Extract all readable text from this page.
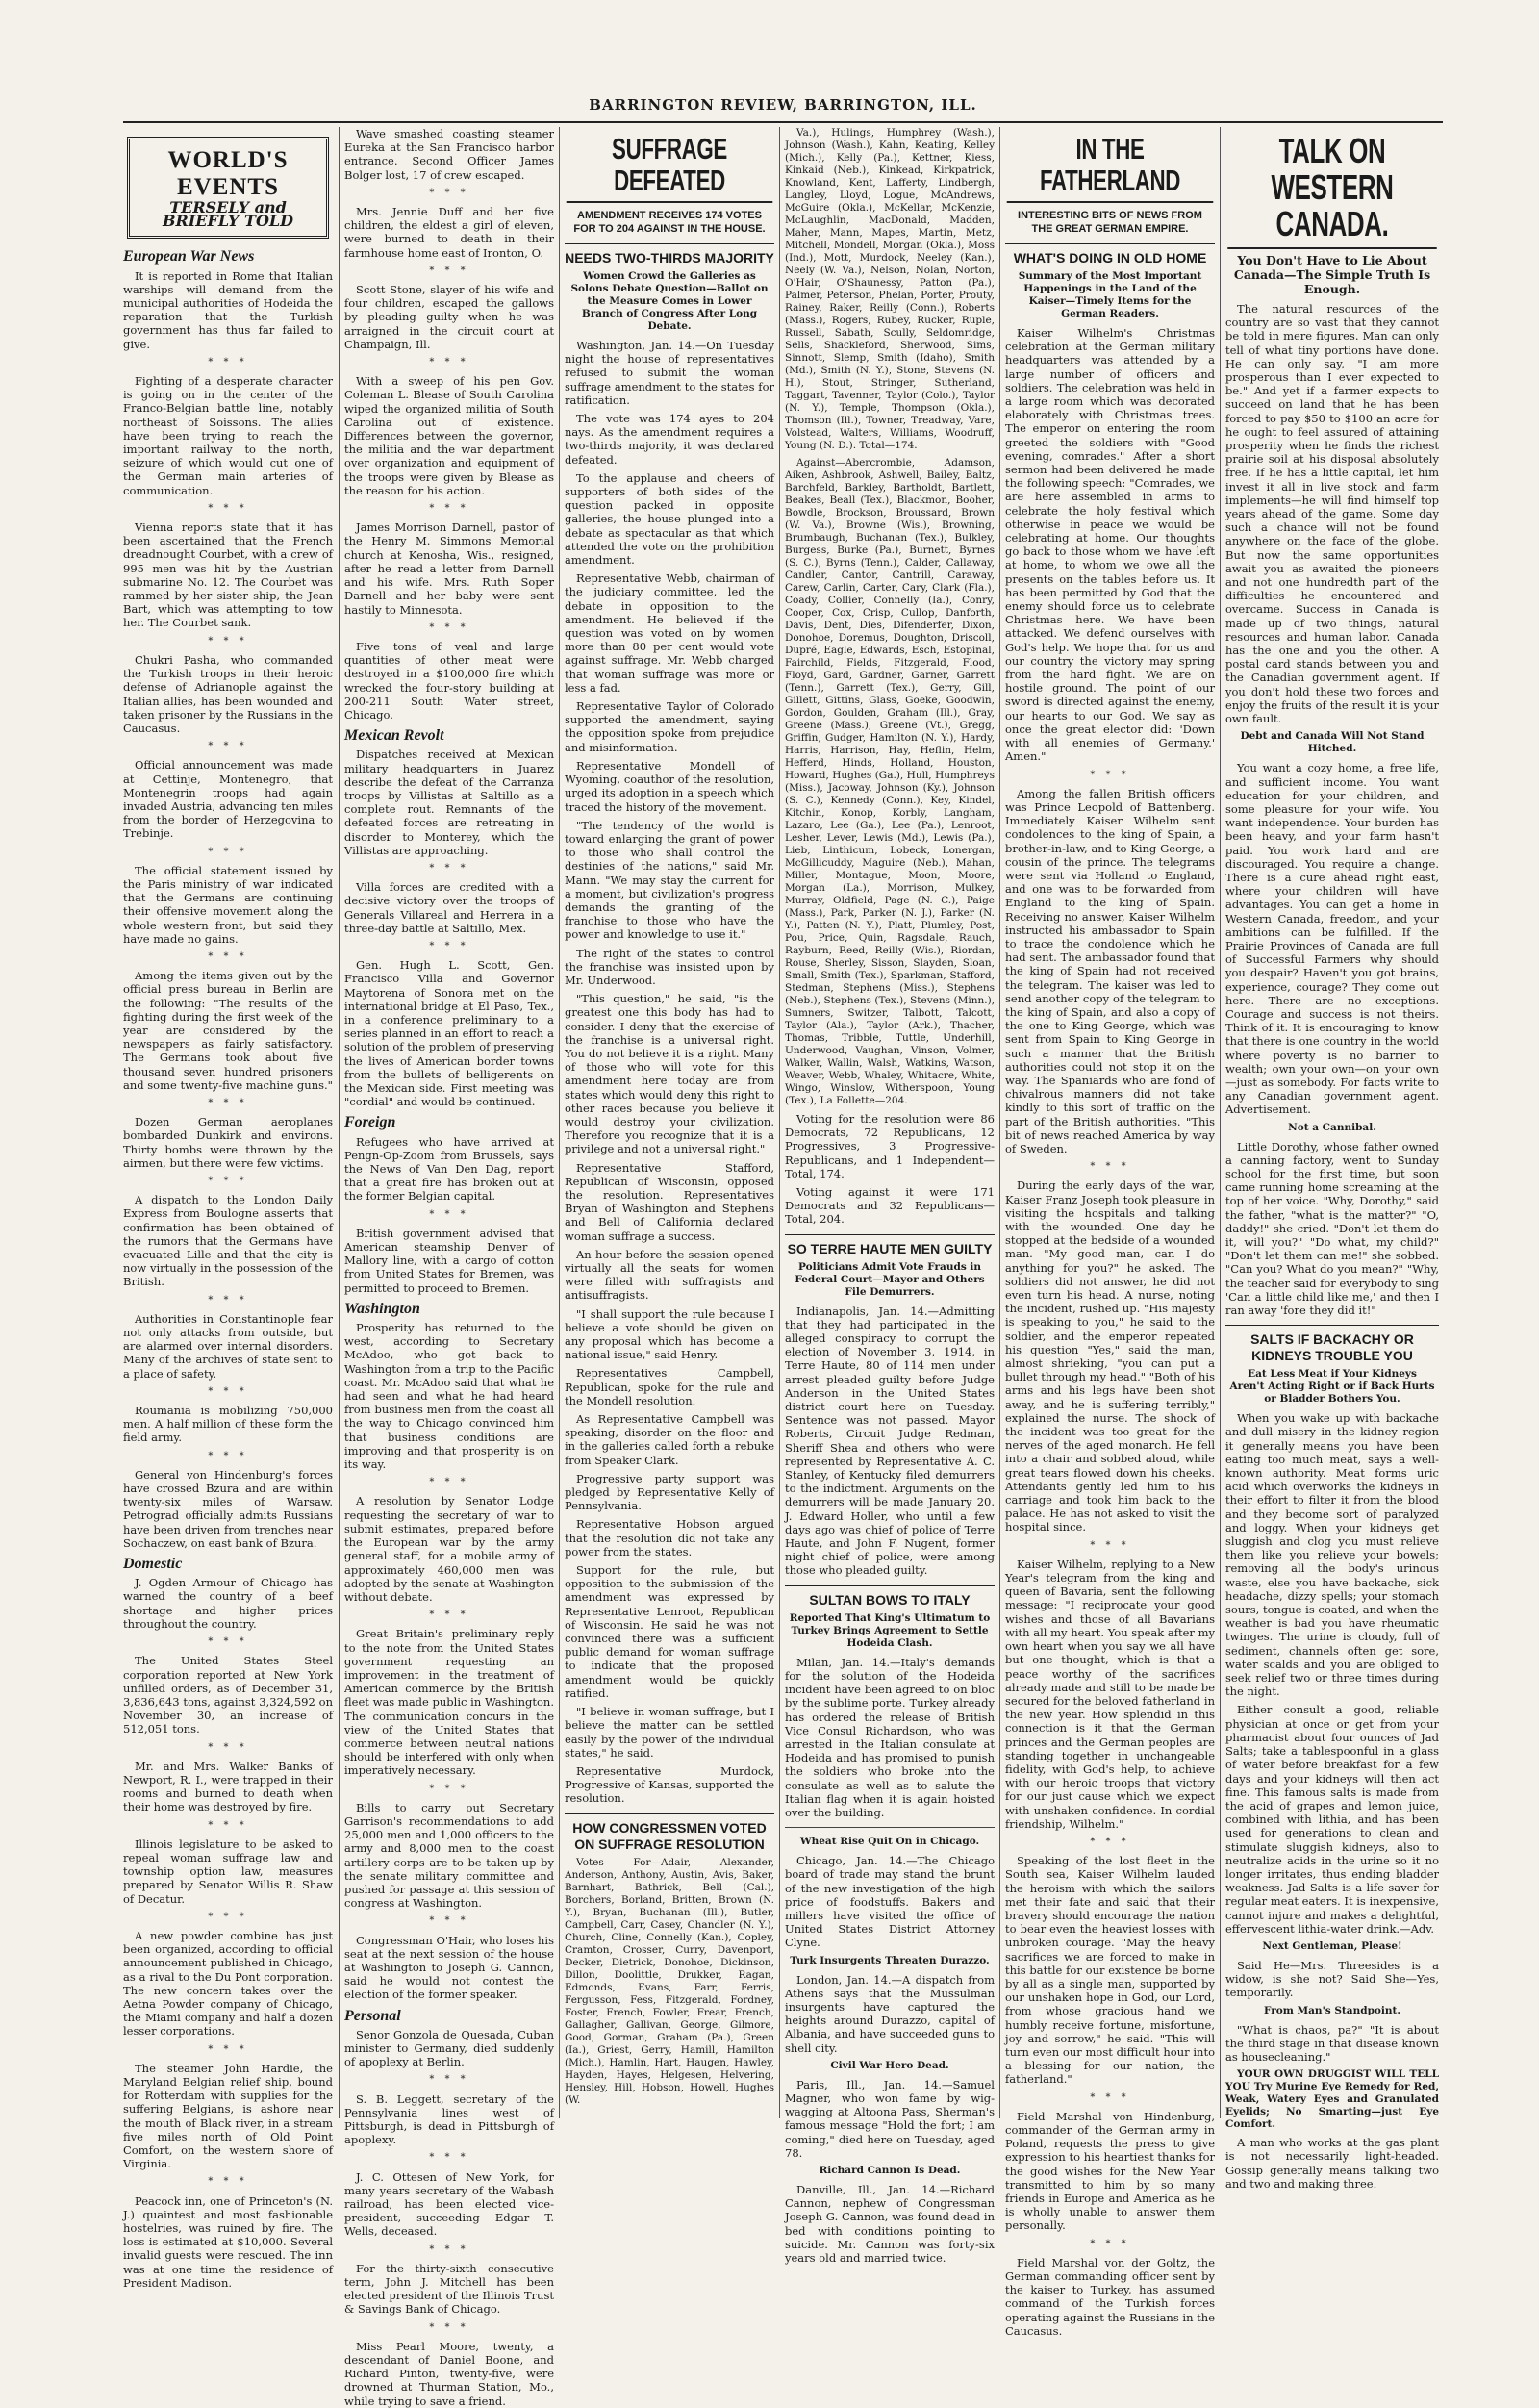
BARRINGTON REVIEW, BARRINGTON, ILL.
WORLD'S
EVENTS
TERSELY and
BRIEFLY TOLD
European War News

It is reported in Rome that Italian warships will demand from the municipal authorities of Hodeida the reparation that the Turkish government has thus far failed to give.

* * *

Fighting of a desperate character is going on in the center of the Franco-Belgian battle line, notably northeast of Soissons. The allies have been trying to reach the important railway to the north, seizure of which would cut one of the German main arteries of communication.

* * *

Vienna reports state that it has been ascertained that the French dreadnought Courbet, with a crew of 995 men was hit by the Austrian submarine No. 12. The Courbet was rammed by her sister ship, the Jean Bart, which was attempting to tow her. The Courbet sank.

* * *

Chukri Pasha, who commanded the Turkish troops in their heroic defense of Adrianople against the Italian allies, has been wounded and taken prisoner by the Russians in the Caucasus.

* * *

Official announcement was made at Cettinje, Montenegro, that Montenegrin troops had again invaded Austria, advancing ten miles from the border of Herzegovina to Trebinje.

* * *

The official statement issued by the Paris ministry of war indicated that the Germans are continuing their offensive movement along the whole western front, but said they have made no gains.

* * *

Among the items given out by the official press bureau in Berlin are the following: "The results of the fighting during the first week of the year are considered by the newspapers as fairly satisfactory. The Germans took about five thousand seven hundred prisoners and some twenty-five machine guns."

* * *

Dozen German aeroplanes bombarded Dunkirk and environs. Thirty bombs were thrown by the airmen, but there were few victims.

* * *

A dispatch to the London Daily Express from Boulogne asserts that confirmation has been obtained of the rumors that the Germans have evacuated Lille and that the city is now virtually in the possession of the British.

* * *

Authorities in Constantinople fear not only attacks from outside, but are alarmed over internal disorders. Many of the archives of state sent to a place of safety.

* * *

Roumania is mobilizing 750,000 men. A half million of these form the field army.

* * *

General von Hindenburg's forces have crossed Bzura and are within twenty-six miles of Warsaw. Petrograd officially admits Russians have been driven from trenches near Sochaczew, on east bank of Bzura.

Domestic

J. Ogden Armour of Chicago has warned the country of a beef shortage and higher prices throughout the country.

* * *

The United States Steel corporation reported at New York unfilled orders, as of December 31, 3,836,643 tons, against 3,324,592 on November 30, an increase of 512,051 tons.

* * *

Mr. and Mrs. Walker Banks of Newport, R. I., were trapped in their rooms and burned to death when their home was destroyed by fire.

* * *

Illinois legislature to be asked to repeal woman suffrage law and township option law, measures prepared by Senator Willis R. Shaw of Decatur.

* * *

A new powder combine has just been organized, according to official announcement published in Chicago, as a rival to the Du Pont corporation. The new concern takes over the Aetna Powder company of Chicago, the Miami company and half a dozen lesser corporations.

* * *

The steamer John Hardie, the Maryland Belgian relief ship, bound for Rotterdam with supplies for the suffering Belgians, is ashore near the mouth of Black river, in a stream five miles north of Old Point Comfort, on the western shore of Virginia.

* * *

Peacock inn, one of Princeton's (N. J.) quaintest and most fashionable hostelries, was ruined by fire. The loss is estimated at $10,000. Several invalid guests were rescued. The inn was at one time the residence of President Madison.

Wave smashed coasting steamer Eureka at the San Francisco harbor entrance. Second Officer James Bolger lost, 17 of crew escaped.

* * *

Mrs. Jennie Duff and her five children, the eldest a girl of eleven, were burned to death in their farmhouse home east of Ironton, O.

* * *

Scott Stone, slayer of his wife and four children, escaped the gallows by pleading guilty when he was arraigned in the circuit court at Champaign, Ill.

* * *

With a sweep of his pen Gov. Coleman L. Blease of South Carolina wiped the organized militia of South Carolina out of existence. Differences between the governor, the militia and the war department over organization and equipment of the troops were given by Blease as the reason for his action.

* * *

James Morrison Darnell, pastor of the Henry M. Simmons Memorial church at Kenosha, Wis., resigned, after he read a letter from Darnell and his wife. Mrs. Ruth Soper Darnell and her baby were sent hastily to Minnesota.

* * *

Five tons of veal and large quantities of other meat were destroyed in a $100,000 fire which wrecked the four-story building at 200-211 South Water street, Chicago.

Mexican Revolt

Dispatches received at Mexican military headquarters in Juarez describe the defeat of the Carranza troops by Villistas at Saltillo as a complete rout. Remnants of the defeated forces are retreating in disorder to Monterey, which the Villistas are approaching.

* * *

Villa forces are credited with a decisive victory over the troops of Generals Villareal and Herrera in a three-day battle at Saltillo, Mex.

* * *

Gen. Hugh L. Scott, Gen. Francisco Villa and Governor Maytorena of Sonora met on the international bridge at El Paso, Tex., in a conference preliminary to a series planned in an effort to reach a solution of the problem of preserving the lives of American border towns from the bullets of belligerents on the Mexican side. First meeting was "cordial" and would be continued.

Foreign

Refugees who have arrived at Pengn-Op-Zoom from Brussels, says the News of Van Den Dag, report that a great fire has broken out at the former Belgian capital.

* * *

British government advised that American steamship Denver of Mallory line, with a cargo of cotton from United States for Bremen, was permitted to proceed to Bremen.

Washington

Prosperity has returned to the west, according to Secretary McAdoo, who got back to Washington from a trip to the Pacific coast. Mr. McAdoo said that what he had seen and what he had heard from business men from the coast all the way to Chicago convinced him that business conditions are improving and that prosperity is on its way.

* * *

A resolution by Senator Lodge requesting the secretary of war to submit estimates, prepared before the European war by the army general staff, for a mobile army of approximately 460,000 men was adopted by the senate at Washington without debate.

* * *

Great Britain's preliminary reply to the note from the United States government requesting an improvement in the treatment of American commerce by the British fleet was made public in Washington. The communication concurs in the view of the United States that commerce between neutral nations should be interfered with only when imperatively necessary.

* * *

Bills to carry out Secretary Garrison's recommendations to add 25,000 men and 1,000 officers to the army and 8,000 men to the coast artillery corps are to be taken up by the senate military committee and pushed for passage at this session of congress at Washington.

* * *

Congressman O'Hair, who loses his seat at the next session of the house at Washington to Joseph G. Cannon, said he would not contest the election of the former speaker.

Personal

Senor Gonzola de Quesada, Cuban minister to Germany, died suddenly of apoplexy at Berlin.

* * *

S. B. Leggett, secretary of the Pennsylvania lines west of Pittsburgh, is dead in Pittsburgh of apoplexy.

* * *

J. C. Ottesen of New York, for many years secretary of the Wabash railroad, has been elected vice-president, succeeding Edgar T. Wells, deceased.

* * *

For the thirty-sixth consecutive term, John J. Mitchell has been elected president of the Illinois Trust & Savings Bank of Chicago.

* * *

Miss Pearl Moore, twenty, a descendant of Daniel Boone, and Richard Pinton, twenty-five, were drowned at Thurman Station, Mo., while trying to save a friend.

SUFFRAGE DEFEATED
AMENDMENT RECEIVES 174 VOTES FOR TO 204 AGAINST IN THE HOUSE.
NEEDS TWO-THIRDS MAJORITY
Women Crowd the Galleries as Solons Debate Question—Ballot on the Measure Comes in Lower Branch of Congress After Long Debate.

Washington, Jan. 14.—On Tuesday night the house of representatives refused to submit the woman suffrage amendment to the states for ratification.

The vote was 174 ayes to 204 nays. As the amendment requires a two-thirds majority, it was declared defeated.

To the applause and cheers of supporters of both sides of the question packed in opposite galleries, the house plunged into a debate as spectacular as that which attended the vote on the prohibition amendment.

Representative Webb, chairman of the judiciary committee, led the debate in opposition to the amendment. He believed if the question was voted on by women more than 80 per cent would vote against suffrage. Mr. Webb charged that woman suffrage was more or less a fad.

Representative Taylor of Colorado supported the amendment, saying the opposition spoke from prejudice and misinformation.

Representative Mondell of Wyoming, coauthor of the resolution, urged its adoption in a speech which traced the history of the movement.

"The tendency of the world is toward enlarging the grant of power to those who shall control the destinies of the nations," said Mr. Mann. "We may stay the current for a moment, but civilization's progress demands the granting of the franchise to those who have the power and knowledge to use it."

The right of the states to control the franchise was insisted upon by Mr. Underwood.

"This question," he said, "is the greatest one this body has had to consider. I deny that the exercise of the franchise is a universal right. You do not believe it is a right. Many of those who will vote for this amendment here today are from states which would deny this right to other races because you believe it would destroy your civilization. Therefore you recognize that it is a privilege and not a universal right."

Representative Stafford, Republican of Wisconsin, opposed the resolution. Representatives Bryan of Washington and Stephens and Bell of California declared woman suffrage a success.

An hour before the session opened virtually all the seats for women were filled with suffragists and antisuffragists.

"I shall support the rule because I believe a vote should be given on any proposal which has become a national issue," said Henry.

Representatives Campbell, Republican, spoke for the rule and the Mondell resolution.

As Representative Campbell was speaking, disorder on the floor and in the galleries called forth a rebuke from Speaker Clark.

Progressive party support was pledged by Representative Kelly of Pennsylvania.

Representative Hobson argued that the resolution did not take any power from the states.

Support for the rule, but opposition to the submission of the amendment was expressed by Representative Lenroot, Republican of Wisconsin. He said he was not convinced there was a sufficient public demand for woman suffrage to indicate that the proposed amendment would be quickly ratified.

"I believe in woman suffrage, but I believe the matter can be settled easily by the power of the individual states," he said.

Representative Murdock, Progressive of Kansas, supported the resolution.

HOW CONGRESSMEN VOTED ON SUFFRAGE RESOLUTION

Votes For—Adair, Alexander, Anderson, Anthony, Austin, Avis, Baker, Barnhart, Bathrick, Bell (Cal.), Borchers, Borland, Britten, Brown (N. Y.), Bryan, Buchanan (Ill.), Butler, Campbell, Carr, Casey, Chandler (N. Y.), Church, Cline, Connelly (Kan.), Copley, Cramton, Crosser, Curry, Davenport, Decker, Dietrick, Donohoe, Dickinson, Dillon, Doolittle, Drukker, Ragan, Edmonds, Evans, Farr, Ferris, Fergusson, Fess, Fitzgerald, Fordney, Foster, French, Fowler, Frear, French, Gallagher, Gallivan, George, Gilmore, Good, Gorman, Graham (Pa.), Green (Ia.), Griest, Gerry, Hamill, Hamilton (Mich.), Hamlin, Hart, Haugen, Hawley, Hayden, Hayes, Helgesen, Helvering, Hensley, Hill, Hobson, Howell, Hughes (W.

Va.), Hulings, Humphrey (Wash.), Johnson (Wash.), Kahn, Keating, Kelley (Mich.), Kelly (Pa.), Kettner, Kiess, Kinkaid (Neb.), Kinkead, Kirkpatrick, Knowland, Kent, Lafferty, Lindbergh, Langley, Lloyd, Logue, McAndrews, McGuire (Okla.), McKellar, McKenzie, McLaughlin, MacDonald, Madden, Maher, Mann, Mapes, Martin, Metz, Mitchell, Mondell, Morgan (Okla.), Moss (Ind.), Mott, Murdock, Neeley (Kan.), Neely (W. Va.), Nelson, Nolan, Norton, O'Hair, O'Shaunessy, Patton (Pa.), Palmer, Peterson, Phelan, Porter, Prouty, Rainey, Raker, Reilly (Conn.), Roberts (Mass.), Rogers, Rubey, Rucker, Ruple, Russell, Sabath, Scully, Seldomridge, Sells, Shackleford, Sherwood, Sims, Sinnott, Slemp, Smith (Idaho), Smith (Md.), Smith (N. Y.), Stone, Stevens (N. H.), Stout, Stringer, Sutherland, Taggart, Tavenner, Taylor (Colo.), Taylor (N. Y.), Temple, Thompson (Okla.), Thomson (Ill.), Towner, Treadway, Vare, Volstead, Walters, Williams, Woodruff, Young (N. D.). Total—174.

Against—Abercrombie, Adamson, Aiken, Ashbrook, Ashwell, Bailey, Baltz, Barchfeld, Barkley, Bartholdt, Bartlett, Beakes, Beall (Tex.), Blackmon, Booher, Bowdle, Brockson, Broussard, Brown (W. Va.), Browne (Wis.), Browning, Brumbaugh, Buchanan (Tex.), Bulkley, Burgess, Burke (Pa.), Burnett, Byrnes (S. C.), Byrns (Tenn.), Calder, Callaway, Candler, Cantor, Cantrill, Caraway, Carew, Carlin, Carter, Cary, Clark (Fla.), Coady, Collier, Connelly (Ia.), Conry, Cooper, Cox, Crisp, Cullop, Danforth, Davis, Dent, Dies, Difenderfer, Dixon, Donohoe, Doremus, Doughton, Driscoll, Dupré, Eagle, Edwards, Esch, Estopinal, Fairchild, Fields, Fitzgerald, Flood, Floyd, Gard, Gardner, Garner, Garrett (Tenn.), Garrett (Tex.), Gerry, Gill, Gillett, Gittins, Glass, Goeke, Goodwin, Gordon, Goulden, Graham (Ill.), Gray, Greene (Mass.), Greene (Vt.), Gregg, Griffin, Gudger, Hamilton (N. Y.), Hardy, Harris, Harrison, Hay, Heflin, Helm, Hefferd, Hinds, Holland, Houston, Howard, Hughes (Ga.), Hull, Humphreys (Miss.), Jacoway, Johnson (Ky.), Johnson (S. C.), Kennedy (Conn.), Key, Kindel, Kitchin, Konop, Korbly, Langham, Lazaro, Lee (Ga.), Lee (Pa.), Lenroot, Lesher, Lever, Lewis (Md.), Lewis (Pa.), Lieb, Linthicum, Lobeck, Lonergan, McGillicuddy, Maguire (Neb.), Mahan, Miller, Montague, Moon, Moore, Morgan (La.), Morrison, Mulkey, Murray, Oldfield, Page (N. C.), Paige (Mass.), Park, Parker (N. J.), Parker (N. Y.), Patten (N. Y.), Platt, Plumley, Post, Pou, Price, Quin, Ragsdale, Rauch, Rayburn, Reed, Reilly (Wis.), Riordan, Rouse, Sherley, Sisson, Slayden, Sloan, Small, Smith (Tex.), Sparkman, Stafford, Stedman, Stephens (Miss.), Stephens (Neb.), Stephens (Tex.), Stevens (Minn.), Sumners, Switzer, Talbott, Talcott, Taylor (Ala.), Taylor (Ark.), Thacher, Thomas, Tribble, Tuttle, Underhill, Underwood, Vaughan, Vinson, Volmer, Walker, Wallin, Walsh, Watkins, Watson, Weaver, Webb, Whaley, Whitacre, White, Wingo, Winslow, Witherspoon, Young (Tex.), La Follette—204.

Voting for the resolution were 86 Democrats, 72 Republicans, 12 Progressives, 3 Progressive-Republicans, and 1 Independent—Total, 174.

Voting against it were 171 Democrats and 32 Republicans—Total, 204.

SO TERRE HAUTE MEN GUILTY
Politicians Admit Vote Frauds in Federal Court—Mayor and Others File Demurrers.

Indianapolis, Jan. 14.—Admitting that they had participated in the alleged conspiracy to corrupt the election of November 3, 1914, in Terre Haute, 80 of 114 men under arrest pleaded guilty before Judge Anderson in the United States district court here on Tuesday. Sentence was not passed. Mayor Roberts, Circuit Judge Redman, Sheriff Shea and others who were represented by Representative A. C. Stanley, of Kentucky filed demurrers to the indictment. Arguments on the demurrers will be made January 20. J. Edward Holler, who until a few days ago was chief of police of Terre Haute, and John F. Nugent, former night chief of police, were among those who pleaded guilty.

SULTAN BOWS TO ITALY
Reported That King's Ultimatum to Turkey Brings Agreement to Settle Hodeida Clash.

Milan, Jan. 14.—Italy's demands for the solution of the Hodeida incident have been agreed to on bloc by the sublime porte. Turkey already has ordered the release of British Vice Consul Richardson, who was arrested in the Italian consulate at Hodeida and has promised to punish the soldiers who broke into the consulate as well as to salute the Italian flag when it is again hoisted over the building.

Wheat Rise Quit On in Chicago.

Chicago, Jan. 14.—The Chicago board of trade may stand the brunt of the new investigation of the high price of foodstuffs. Bakers and millers have visited the office of United States District Attorney Clyne.

Turk Insurgents Threaten Durazzo.

London, Jan. 14.—A dispatch from Athens says that the Mussulman insurgents have captured the heights around Durazzo, capital of Albania, and have succeeded guns to shell city.

Civil War Hero Dead.

Paris, Ill., Jan. 14.—Samuel Magner, who won fame by wig-wagging at Altoona Pass, Sherman's famous message "Hold the fort; I am coming," died here on Tuesday, aged 78.

Richard Cannon Is Dead.

Danville, Ill., Jan. 14.—Richard Cannon, nephew of Congressman Joseph G. Cannon, was found dead in bed with conditions pointing to suicide. Mr. Cannon was forty-six years old and married twice.

IN THE FATHERLAND
INTERESTING BITS OF NEWS FROM THE GREAT GERMAN EMPIRE.
WHAT'S DOING IN OLD HOME
Summary of the Most Important Happenings in the Land of the Kaiser—Timely Items for the German Readers.

Kaiser Wilhelm's Christmas celebration at the German military headquarters was attended by a large number of officers and soldiers. The celebration was held in a large room which was decorated elaborately with Christmas trees. The emperor on entering the room greeted the soldiers with "Good evening, comrades." After a short sermon had been delivered he made the following speech: "Comrades, we are here assembled in arms to celebrate the holy festival which otherwise in peace we would be celebrating at home. Our thoughts go back to those whom we have left at home, to whom we owe all the presents on the tables before us. It has been permitted by God that the enemy should force us to celebrate Christmas here. We have been attacked. We defend ourselves with God's help. We hope that for us and our country the victory may spring from the hard fight. We are on hostile ground. The point of our sword is directed against the enemy, our hearts to our God. We say as once the great elector did: 'Down with all enemies of Germany.' Amen."

* * *

Among the fallen British officers was Prince Leopold of Battenberg. Immediately Kaiser Wilhelm sent condolences to the king of Spain, a brother-in-law, and to King George, a cousin of the prince. The telegrams were sent via Holland to England, and one was to be forwarded from England to the king of Spain. Receiving no answer, Kaiser Wilhelm instructed his ambassador to Spain to trace the condolence which he had sent. The ambassador found that the king of Spain had not received the telegram. The kaiser was led to send another copy of the telegram to the king of Spain, and also a copy of the one to King George, which was sent from Spain to King George in such a manner that the British authorities could not stop it on the way. The Spaniards who are fond of chivalrous manners did not take kindly to this sort of traffic on the part of the British authorities. "This bit of news reached America by way of Sweden.

* * *

During the early days of the war, Kaiser Franz Joseph took pleasure in visiting the hospitals and talking with the wounded. One day he stopped at the bedside of a wounded man. "My good man, can I do anything for you?" he asked. The soldiers did not answer, he did not even turn his head. A nurse, noting the incident, rushed up. "His majesty is speaking to you," he said to the soldier, and the emperor repeated his question "Yes," said the man, almost shrieking, "you can put a bullet through my head." "Both of his arms and his legs have been shot away, and he is suffering terribly," explained the nurse. The shock of the incident was too great for the nerves of the aged monarch. He fell into a chair and sobbed aloud, while great tears flowed down his cheeks. Attendants gently led him to his carriage and took him back to the palace. He has not asked to visit the hospital since.

* * *

Kaiser Wilhelm, replying to a New Year's telegram from the king and queen of Bavaria, sent the following message: "I reciprocate your good wishes and those of all Bavarians with all my heart. You speak after my own heart when you say we all have but one thought, which is that a peace worthy of the sacrifices already made and still to be made be secured for the beloved fatherland in the new year. How splendid in this connection is it that the German princes and the German peoples are standing together in unchangeable fidelity, with God's help, to achieve with our heroic troops that victory for our just cause which we expect with unshaken confidence. In cordial friendship, Wilhelm."

* * *

Speaking of the lost fleet in the South sea, Kaiser Wilhelm lauded the heroism with which the sailors met their fate and said that their bravery should encourage the nation to bear even the heaviest losses with unbroken courage. "May the heavy sacrifices we are forced to make in this battle for our existence be borne by all as a single man, supported by our unshaken hope in God, our Lord, from whose gracious hand we humbly receive fortune, misfortune, joy and sorrow," he said. "This will turn even our most difficult hour into a blessing for our nation, the fatherland."

* * *

Field Marshal von Hindenburg, commander of the German army in Poland, requests the press to give expression to his heartiest thanks for the good wishes for the New Year transmitted to him by so many friends in Europe and America as he is wholly unable to answer them personally.

* * *

Field Marshal von der Goltz, the German commanding officer sent by the kaiser to Turkey, has assumed command of the Turkish forces operating against the Russians in the Caucasus.

TALK ON WESTERN CANADA.
You Don't Have to Lie About Canada—The Simple Truth Is Enough.

The natural resources of the country are so vast that they cannot be told in mere figures. Man can only tell of what tiny portions have done. He can only say, "I am more prosperous than I ever expected to be." And yet if a farmer expects to succeed on land that he has been forced to pay $50 to $100 an acre for he ought to feel assured of attaining prosperity when he finds the richest prairie soil at his disposal absolutely free. If he has a little capital, let him invest it all in live stock and farm implements—he will find himself top years ahead of the game. Some day such a chance will not be found anywhere on the face of the globe. But now the same opportunities await you as awaited the pioneers and not one hundredth part of the difficulties he encountered and overcame. Success in Canada is made up of two things, natural resources and human labor. Canada has the one and you the other. A postal card stands between you and the Canadian government agent. If you don't hold these two forces and enjoy the fruits of the result it is your own fault.

Debt and Canada Will Not Stand Hitched.

You want a cozy home, a free life, and sufficient income. You want education for your children, and some pleasure for your wife. You want independence. Your burden has been heavy, and your farm hasn't paid. You work hard and are discouraged. You require a change. There is a cure ahead right east, where your children will have advantages. You can get a home in Western Canada, freedom, and your ambitions can be fulfilled. If the Prairie Provinces of Canada are full of Successful Farmers why should you despair? Haven't you got brains, experience, courage? They come out here. There are no exceptions. Courage and success is not theirs. Think of it. It is encouraging to know that there is one country in the world where poverty is no barrier to wealth; own your own—on your own—just as somebody. For facts write to any Canadian government agent. Advertisement.

Not a Cannibal.

Little Dorothy, whose father owned a canning factory, went to Sunday school for the first time, but soon came running home screaming at the top of her voice. "Why, Dorothy," said the father, "what is the matter?" "O, daddy!" she cried. "Don't let them do it, will you?" "Do what, my child?" "Don't let them can me!" she sobbed. "Can you? What do you mean?" "Why, the teacher said for everybody to sing 'Can a little child like me,' and then I ran away 'fore they did it!"

SALTS IF BACKACHY OR KIDNEYS TROUBLE YOU
Eat Less Meat if Your Kidneys Aren't Acting Right or if Back Hurts or Bladder Bothers You.

When you wake up with backache and dull misery in the kidney region it generally means you have been eating too much meat, says a well-known authority. Meat forms uric acid which overworks the kidneys in their effort to filter it from the blood and they become sort of paralyzed and loggy. When your kidneys get sluggish and clog you must relieve them like you relieve your bowels; removing all the body's urinous waste, else you have backache, sick headache, dizzy spells; your stomach sours, tongue is coated, and when the weather is bad you have rheumatic twinges. The urine is cloudy, full of sediment, channels often get sore, water scalds and you are obliged to seek relief two or three times during the night.

Either consult a good, reliable physician at once or get from your pharmacist about four ounces of Jad Salts; take a tablespoonful in a glass of water before breakfast for a few days and your kidneys will then act fine. This famous salts is made from the acid of grapes and lemon juice, combined with lithia, and has been used for generations to clean and stimulate sluggish kidneys, also to neutralize acids in the urine so it no longer irritates, thus ending bladder weakness. Jad Salts is a life saver for regular meat eaters. It is inexpensive, cannot injure and makes a delightful, effervescent lithia-water drink.—Adv.

Next Gentleman, Please!

Said He—Mrs. Threesides is a widow, is she not? Said She—Yes, temporarily.

From Man's Standpoint.

"What is chaos, pa?" "It is about the third stage in that disease known as housecleaning."

YOUR OWN DRUGGIST WILL TELL YOU Try Murine Eye Remedy for Red, Weak, Watery Eyes and Granulated Eyelids; No Smarting—just Eye Comfort.

A man who works at the gas plant is not necessarily light-headed. Gossip generally means talking two and two and making three.
